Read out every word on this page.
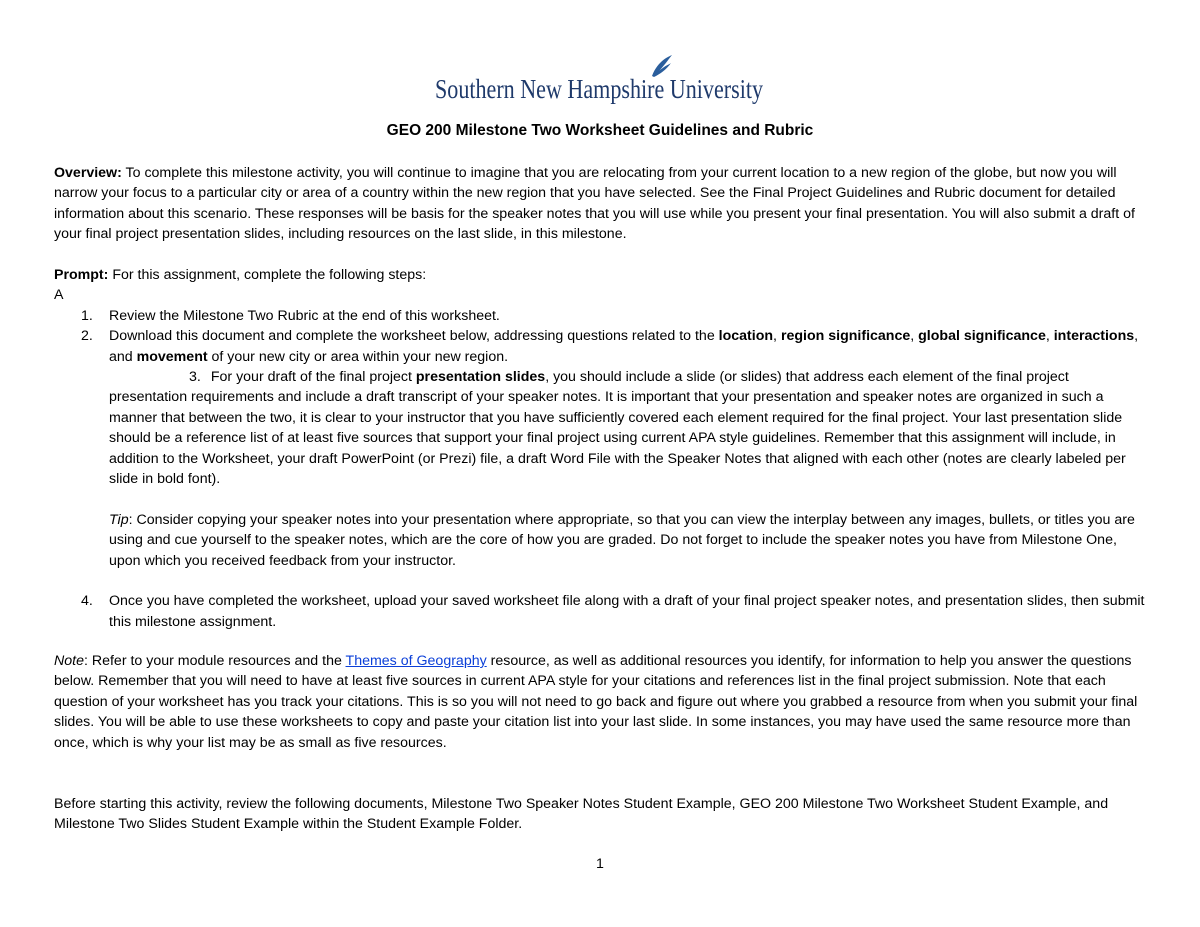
Southern New Hampshire University
GEO 200 Milestone Two Worksheet Guidelines and Rubric

Overview: To complete this milestone activity, you will continue to imagine that you are relocating from your current location to a new region of the globe, but now you will narrow your focus to a particular city or area of a country within the new region that you have selected. See the Final Project Guidelines and Rubric document for detailed information about this scenario. These responses will be basis for the speaker notes that you will use while you present your final presentation. You will also submit a draft of your final project presentation slides, including resources on the last slide, in this milestone.

Prompt: For this assignment, complete the following steps:

A

1. Review the Milestone Two Rubric at the end of this worksheet.
2. Download this document and complete the worksheet below, addressing questions related to the location, region significance, global significance, interactions, and movement of your new city or area within your new region.
3. For your draft of the final project presentation slides, you should include a slide (or slides) that address each element of the final project presentation requirements and include a draft transcript of your speaker notes. It is important that your presentation and speaker notes are organized in such a manner that between the two, it is clear to your instructor that you have sufficiently covered each element required for the final project. Your last presentation slide should be a reference list of at least five sources that support your final project using current APA style guidelines. Remember that this assignment will include, in addition to the Worksheet, your draft PowerPoint (or Prezi) file, a draft Word File with the Speaker Notes that aligned with each other (notes are clearly labeled per slide in bold font).

Tip: Consider copying your speaker notes into your presentation where appropriate, so that you can view the interplay between any images, bullets, or titles you are using and cue yourself to the speaker notes, which are the core of how you are graded. Do not forget to include the speaker notes you have from Milestone One, upon which you received feedback from your instructor.

4. Once you have completed the worksheet, upload your saved worksheet file along with a draft of your final project speaker notes, and presentation slides, then submit this milestone assignment.

Note: Refer to your module resources and the Themes of Geography resource, as well as additional resources you identify, for information to help you answer the questions below. Remember that you will need to have at least five sources in current APA style for your citations and references list in the final project submission. Note that each question of your worksheet has you track your citations. This is so you will not need to go back and figure out where you grabbed a resource from when you submit your final slides. You will be able to use these worksheets to copy and paste your citation list into your last slide. In some instances, you may have used the same resource more than once, which is why your list may be as small as five resources.

Before starting this activity, review the following documents, Milestone Two Speaker Notes Student Example, GEO 200 Milestone Two Worksheet Student Example, and Milestone Two Slides Student Example within the Student Example Folder.

1
